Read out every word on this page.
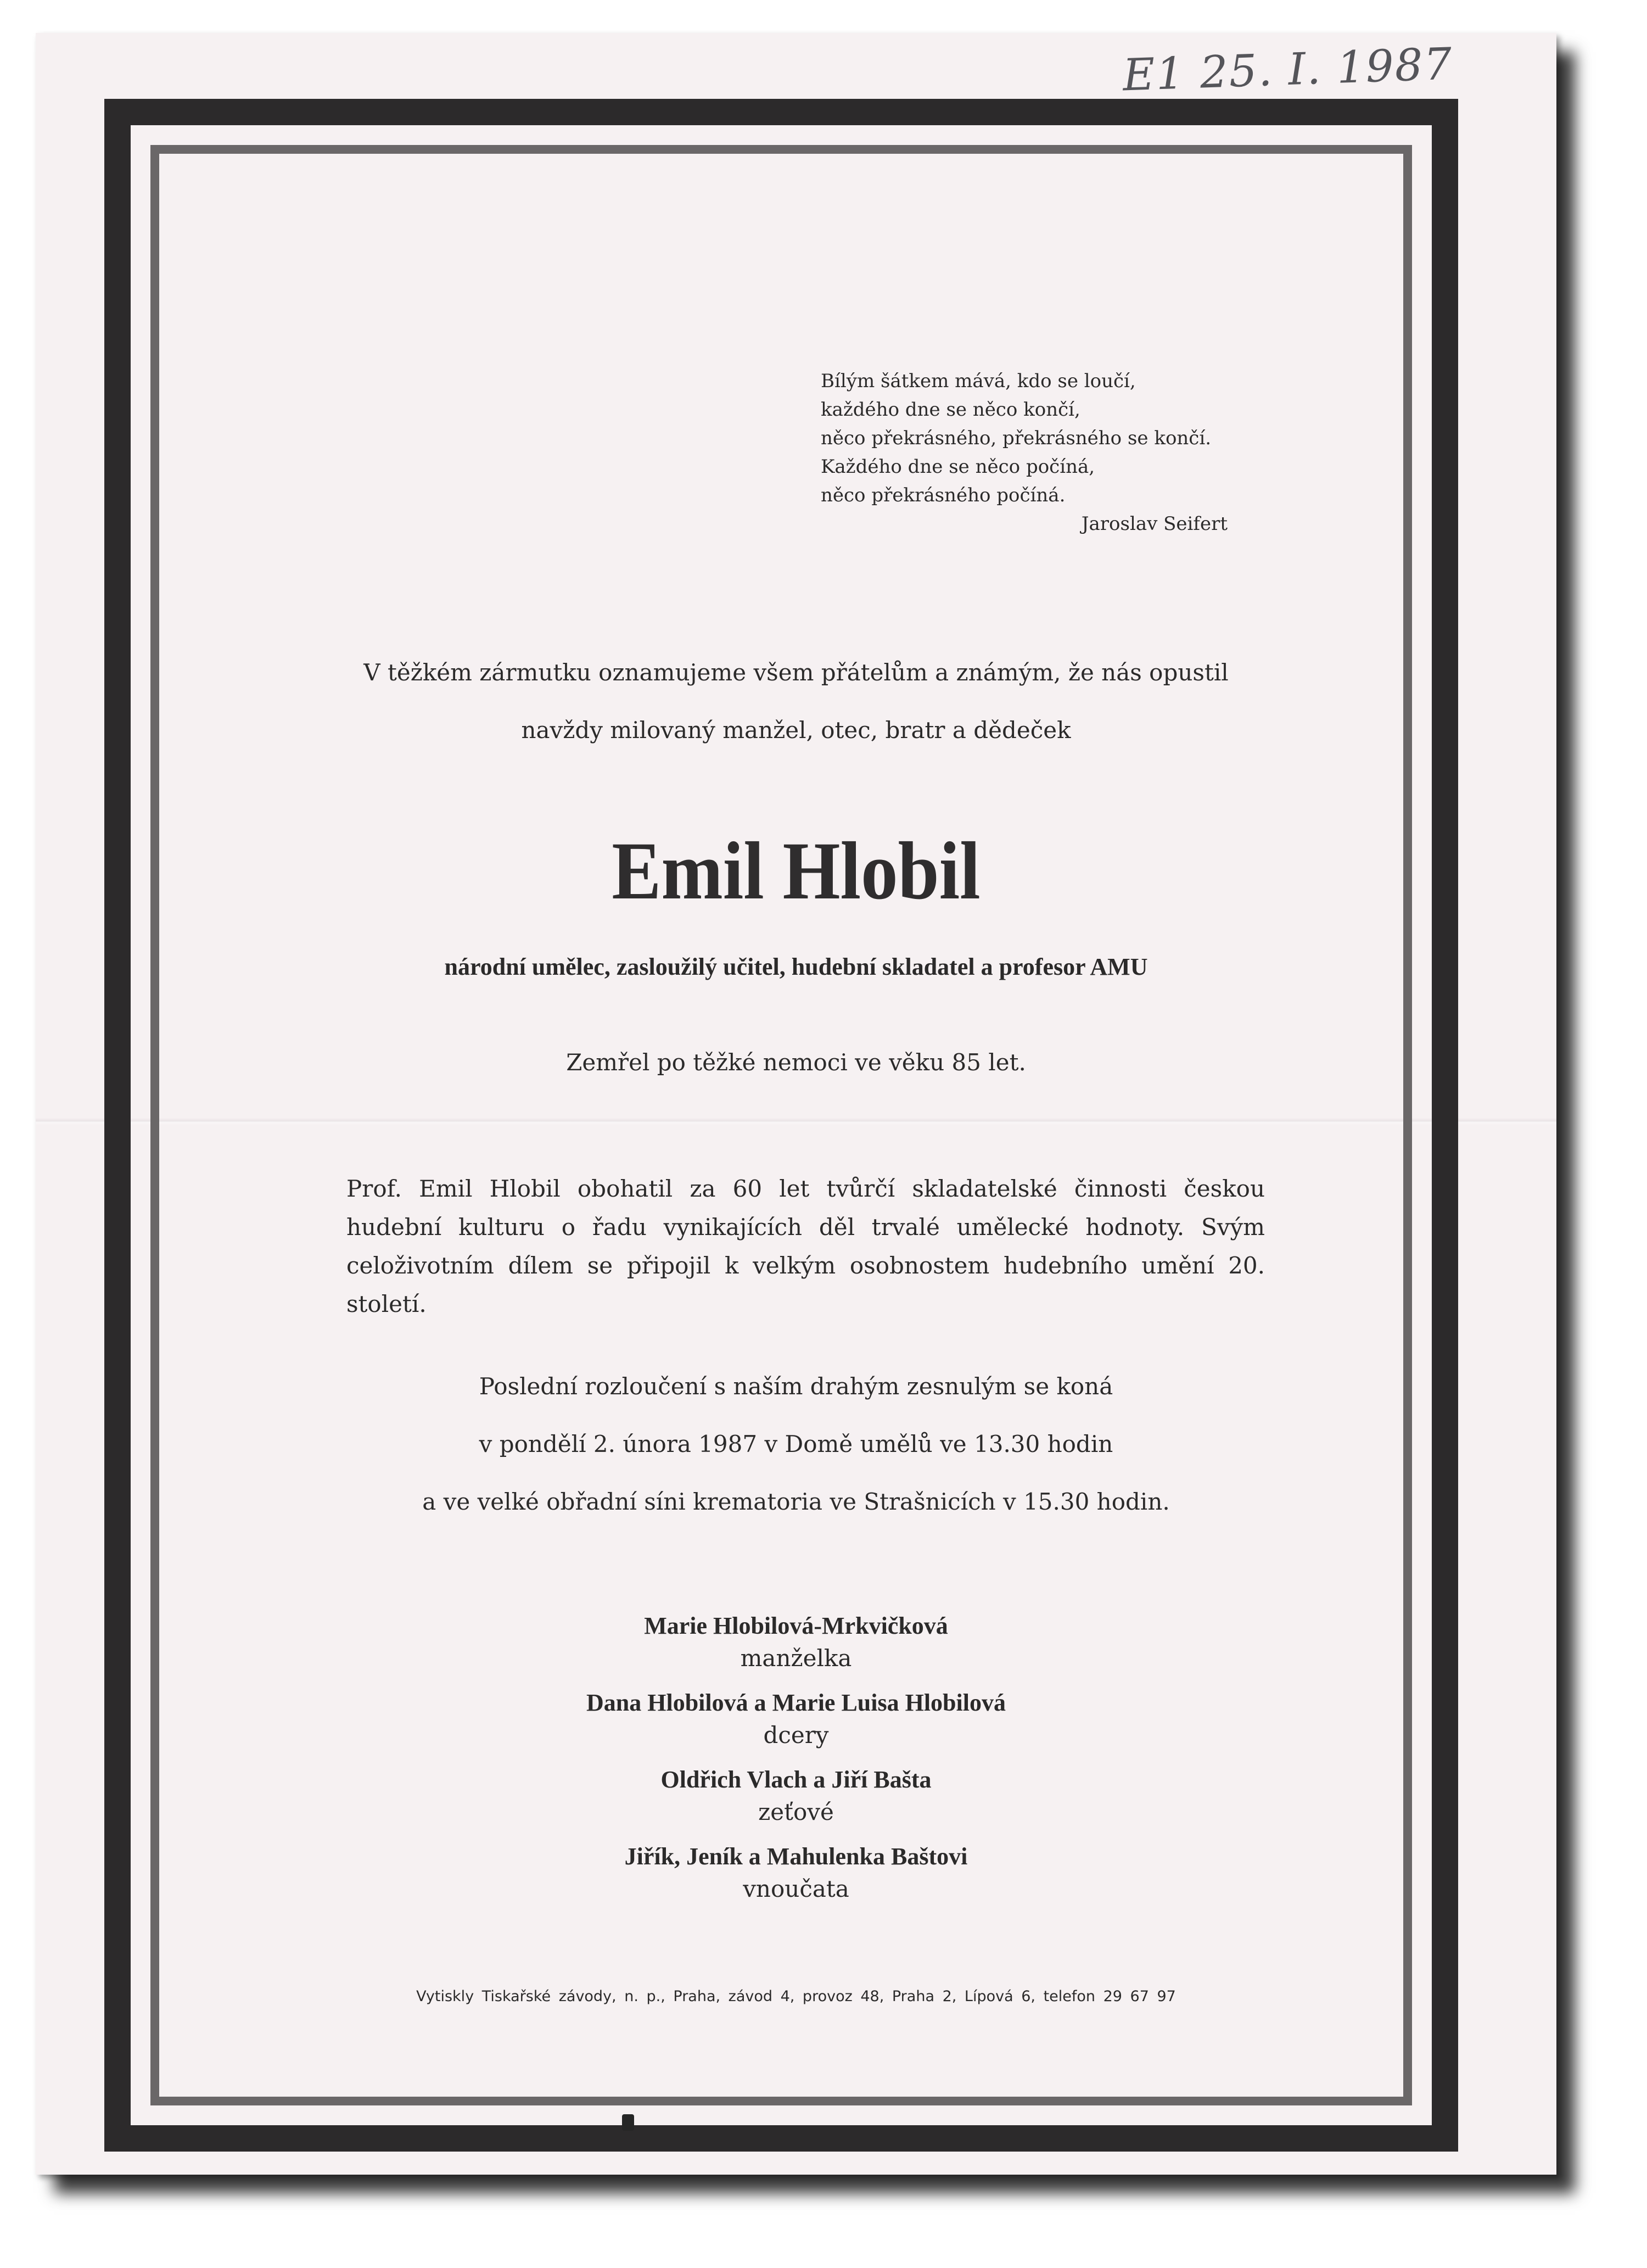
E1 25. I. 1987
Bílým šátkem mává, kdo se loučí,
každého dne se něco končí,
něco překrásného, překrásného se končí.
Každého dne se něco počíná,
něco překrásného počíná.
Jaroslav Seifert
V těžkém zármutku oznamujeme všem přátelům a známým, že nás opustil
navždy milovaný manžel, otec, bratr a dědeček
Emil Hlobil
národní umělec, zasloužilý učitel, hudební skladatel a profesor AMU
Zemřel po těžké nemoci ve věku 85 let.
Prof. Emil Hlobil obohatil za 60 let tvůrčí skladatelské činnosti českou hudební kulturu o řadu vynikajících děl trvalé umělecké hodnoty. Svým celoživotním dílem se připojil k velkým osobnostem hudebního umění 20. století.
Poslední rozloučení s naším drahým zesnulým se koná
v pondělí 2. února 1987 v Domě umělů ve 13.30 hodin
a ve velké obřadní síni krematoria ve Strašnicích v 15.30 hodin.
Marie Hlobilová-Mrkvičková
manželka
Dana Hlobilová a Marie Luisa Hlobilová
dcery
Oldřich Vlach a Jiří Bašta
zeťové
Jiřík, Jeník a Mahulenka Baštovi
vnoučata
Vytiskly Tiskařské závody, n. p., Praha, závod 4, provoz 48, Praha 2, Lípová 6, telefon 29 67 97
